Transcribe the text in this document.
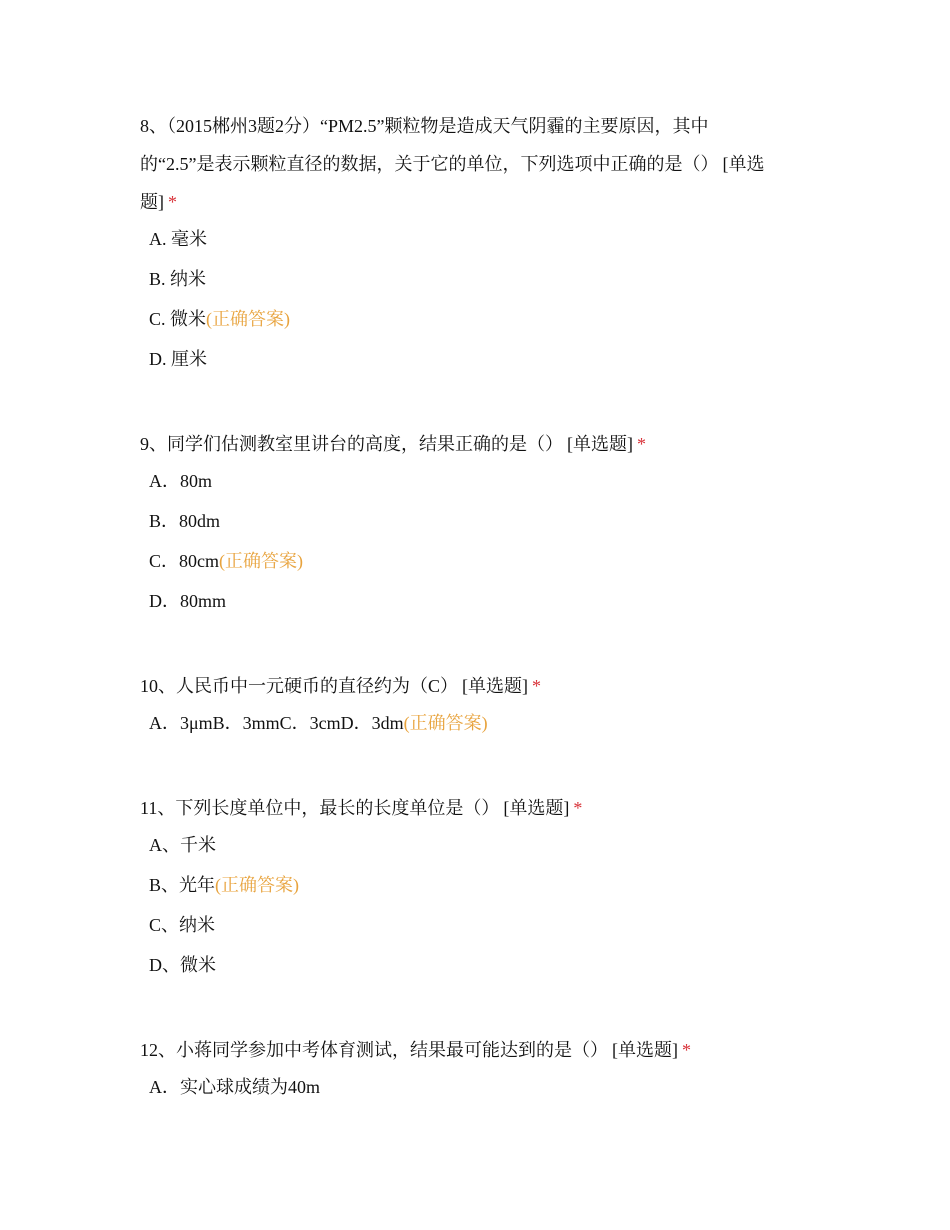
8、（2015郴州3题2分）“PM2.5”颗粒物是造成天气阴霾的主要原因，其中的“2.5”是表示颗粒直径的数据，关于它的单位，下列选项中正确的是（） [单选题] *

A. 毫米
B. 纳米
C. 微米(正确答案)
D. 厘米

9、同学们估测教室里讲台的高度，结果正确的是（） [单选题] *

A．80m
B．80dm
C．80cm(正确答案)
D．80mm

10、人民币中一元硬币的直径约为（C） [单选题] *

A．3μmB．3mmC．3cmD．3dm(正确答案)

11、下列长度单位中，最长的长度单位是（） [单选题] *

A、千米
B、光年(正确答案)
C、纳米
D、微米

12、小蒋同学参加中考体育测试，结果最可能达到的是（） [单选题] *

A．实心球成绩为40m
